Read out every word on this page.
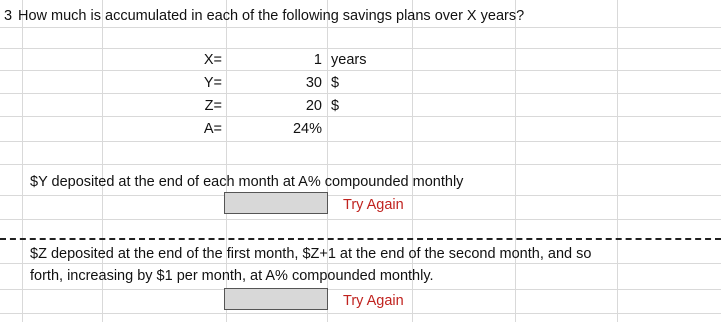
3 How much is accumulated in each of the following savings plans over X years?
X=	1 years
Y=	30 $
Z=	20 $
A=	24%
$Y deposited at the end of each month at A% compounded monthly
Try Again
$Z deposited at the end of the first month, $Z+1 at the end of the second month, and so
forth, increasing by $1 per month, at A% compounded monthly.
Try Again
